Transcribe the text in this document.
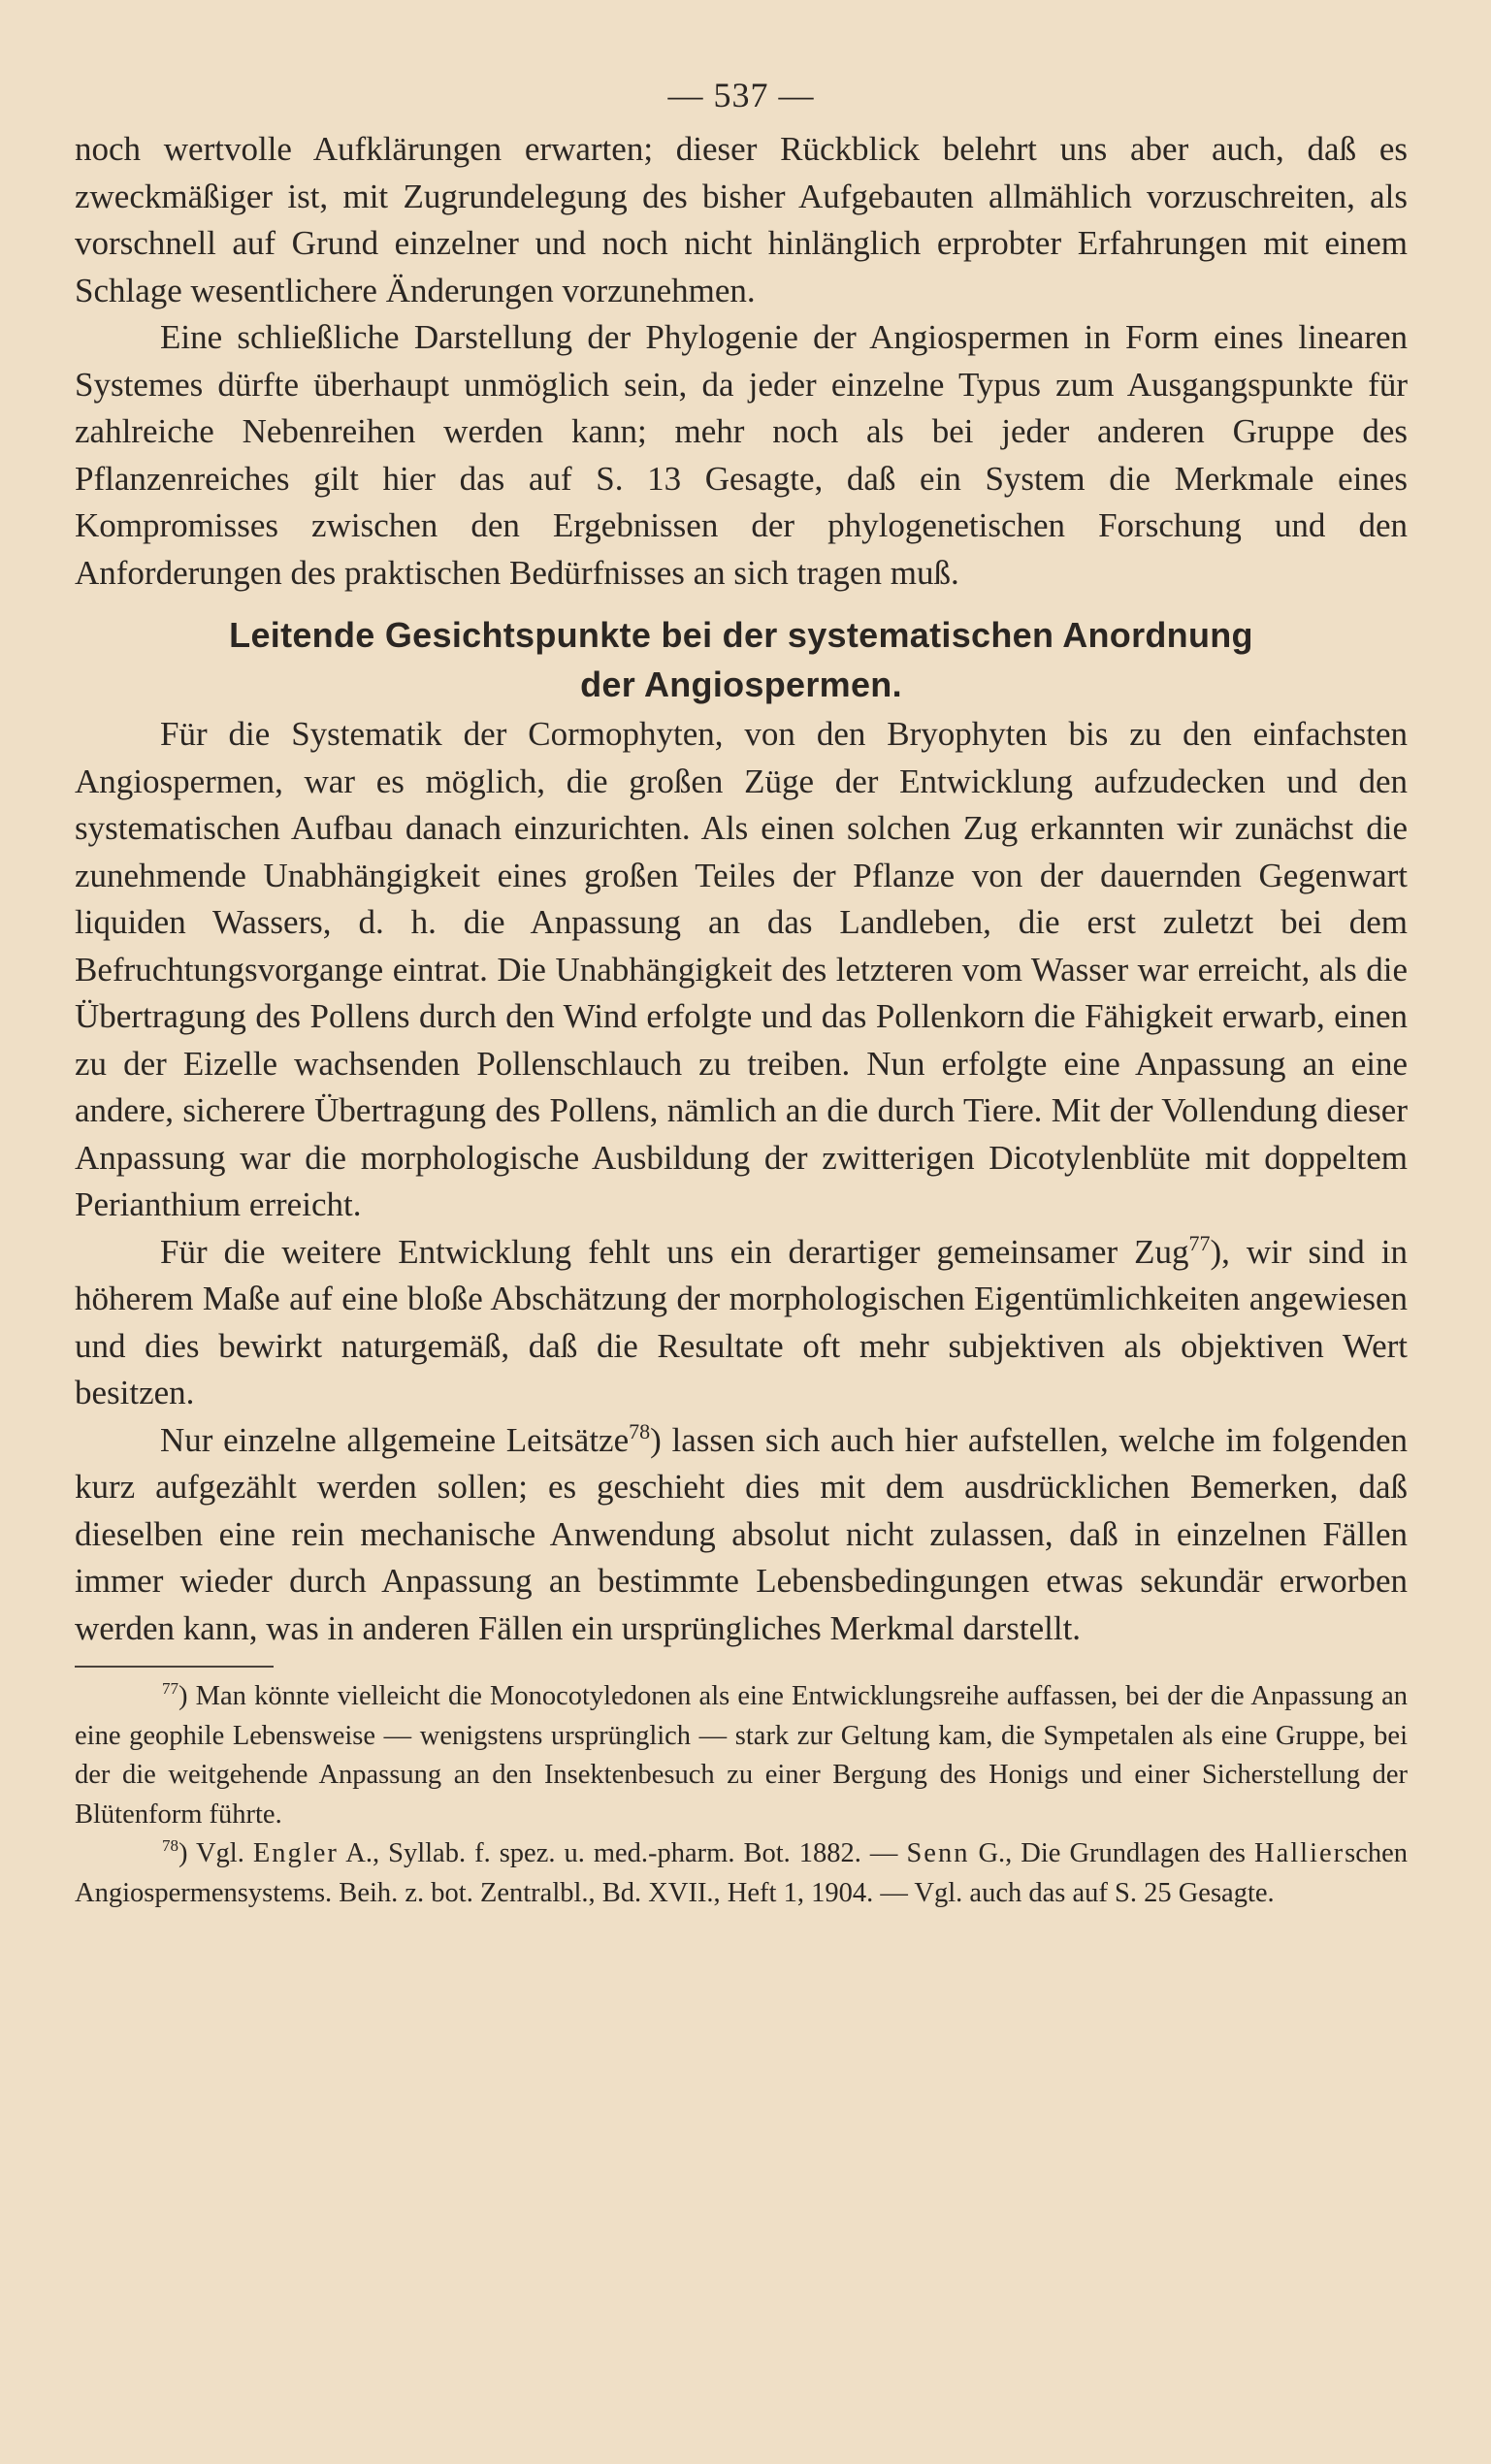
— 537 —

noch wertvolle Aufklärungen erwarten; dieser Rückblick belehrt uns aber auch, daß es zweckmäßiger ist, mit Zugrundelegung des bisher Aufgebauten allmählich vorzuschreiten, als vorschnell auf Grund einzelner und noch nicht hinlänglich erprobter Erfahrungen mit einem Schlage wesentlichere Änderungen vorzunehmen.

Eine schließliche Darstellung der Phylogenie der Angiospermen in Form eines linearen Systemes dürfte überhaupt unmöglich sein, da jeder einzelne Typus zum Ausgangspunkte für zahlreiche Nebenreihen werden kann; mehr noch als bei jeder anderen Gruppe des Pflanzenreiches gilt hier das auf S. 13 Gesagte, daß ein System die Merkmale eines Kompromisses zwischen den Ergebnissen der phylogenetischen Forschung und den Anforderungen des praktischen Bedürfnisses an sich tragen muß.

Leitende Gesichtspunkte bei der systematischen Anordnung
der Angiospermen.

Für die Systematik der Cormophyten, von den Bryophyten bis zu den einfachsten Angiospermen, war es möglich, die großen Züge der Entwicklung aufzudecken und den systematischen Aufbau danach einzurichten. Als einen solchen Zug erkannten wir zunächst die zunehmende Unabhängigkeit eines großen Teiles der Pflanze von der dauernden Gegenwart liquiden Wassers, d. h. die Anpassung an das Landleben, die erst zuletzt bei dem Befruchtungsvorgange eintrat. Die Unabhängigkeit des letzteren vom Wasser war erreicht, als die Übertragung des Pollens durch den Wind erfolgte und das Pollenkorn die Fähigkeit erwarb, einen zu der Eizelle wachsenden Pollenschlauch zu treiben. Nun erfolgte eine Anpassung an eine andere, sicherere Übertragung des Pollens, nämlich an die durch Tiere. Mit der Vollendung dieser Anpassung war die morphologische Ausbildung der zwitterigen Dicotylenblüte mit doppeltem Perianthium erreicht.

Für die weitere Entwicklung fehlt uns ein derartiger gemeinsamer Zug$^{77}$), wir sind in höherem Maße auf eine bloße Abschätzung der morphologischen Eigentümlichkeiten angewiesen und dies bewirkt naturgemäß, daß die Resultate oft mehr subjektiven als objektiven Wert besitzen.

Nur einzelne allgemeine Leitsätze$^{78}$) lassen sich auch hier aufstellen, welche im folgenden kurz aufgezählt werden sollen; es geschieht dies mit dem ausdrücklichen Bemerken, daß dieselben eine rein mechanische Anwendung absolut nicht zulassen, daß in einzelnen Fällen immer wieder durch Anpassung an bestimmte Lebensbedingungen etwas sekundär erworben werden kann, was in anderen Fällen ein ursprüngliches Merkmal darstellt.

$^{77}$) Man könnte vielleicht die Monocotyledonen als eine Entwicklungsreihe auffassen, bei der die Anpassung an eine geophile Lebensweise — wenigstens ursprünglich — stark zur Geltung kam, die Sympetalen als eine Gruppe, bei der die weitgehende Anpassung an den Insektenbesuch zu einer Bergung des Honigs und einer Sicherstellung der Blütenform führte.

$^{78}$) Vgl. Engler A., Syllab. f. spez. u. med.-pharm. Bot. 1882. — Senn G., Die Grundlagen des Hallierschen Angiospermensystems. Beih. z. bot. Zentralbl., Bd. XVII., Heft 1, 1904. — Vgl. auch das auf S. 25 Gesagte.
